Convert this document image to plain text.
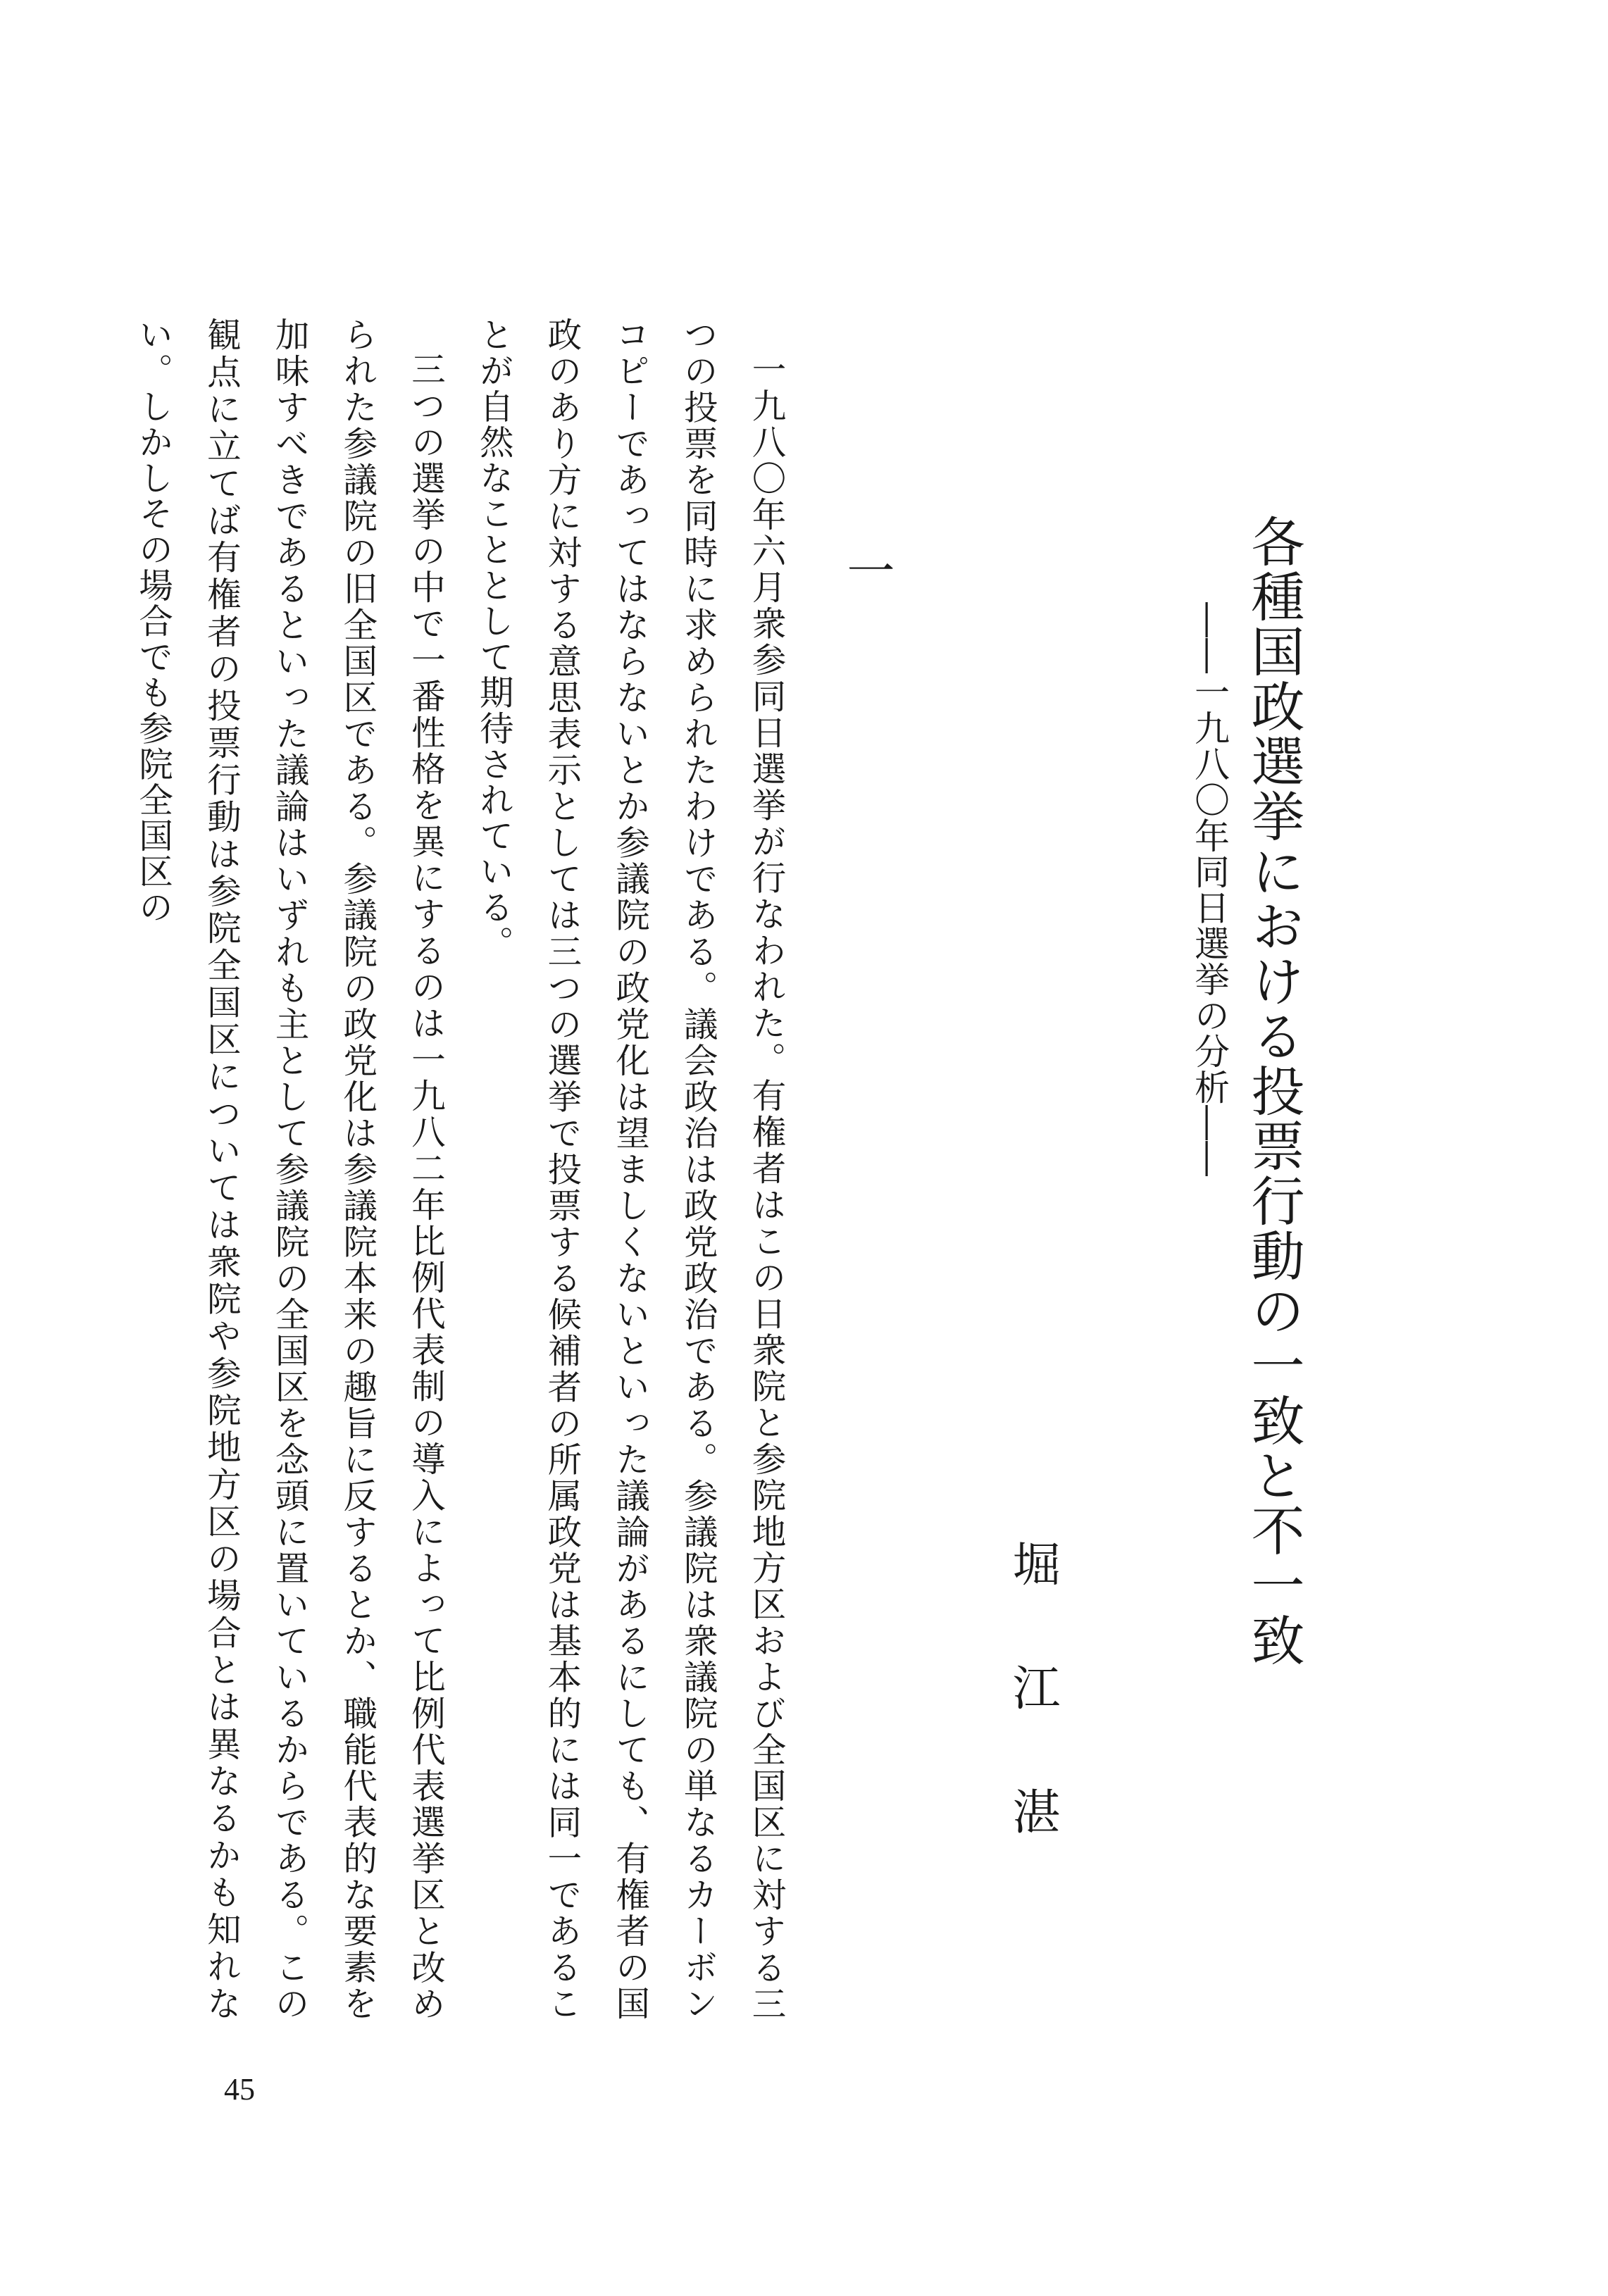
各種国政選挙における投票行動の一致と不一致
――一九八〇年同日選挙の分析――
堀江湛
一

一九八〇年六月衆参同日選挙が行なわれた。有権者はこの日衆院と参院地方区および全国区に対する三つの投票を同時に求められたわけである。議会政治は政党政治である。参議院は衆議院の単なるカーボンコピーであってはならないとか参議院の政党化は望ましくないといった議論があるにしても、有権者の国政のあり方に対する意思表示としては三つの選挙で投票する候補者の所属政党は基本的には同一であることが自然なこととして期待されている。

三つの選挙の中で一番性格を異にするのは一九八二年比例代表制の導入によって比例代表選挙区と改められた参議院の旧全国区である。参議院の政党化は参議院本来の趣旨に反するとか、職能代表的な要素を加味すべきであるといった議論はいずれも主として参議院の全国区を念頭に置いているからである。この観点に立てば有権者の投票行動は参院全国区については衆院や参院地方区の場合とは異なるかも知れない。しかしその場合でも参院全国区の

45
